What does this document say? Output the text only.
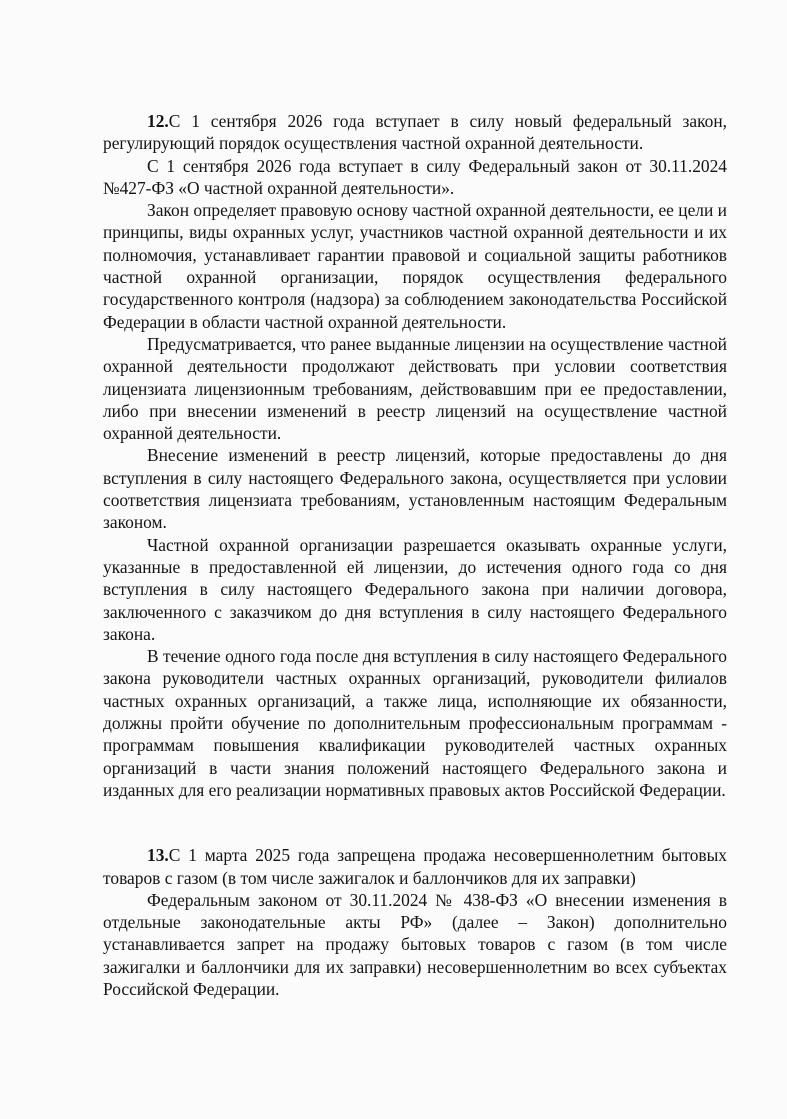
12.С 1 сентября 2026 года вступает в силу новый федеральный закон, регулирующий порядок осуществления частной охранной деятельности.

С 1 сентября 2026 года вступает в силу Федеральный закон от 30.11.2024 №427-ФЗ «О частной охранной деятельности».

Закон определяет правовую основу частной охранной деятельности, ее цели и принципы, виды охранных услуг, участников частной охранной деятельности и их полномочия, устанавливает гарантии правовой и социальной защиты работников частной охранной организации, порядок осуществления федерального государственного контроля (надзора) за соблюдением законодательства Российской Федерации в области частной охранной деятельности.

Предусматривается, что ранее выданные лицензии на осуществление частной охранной деятельности продолжают действовать при условии соответствия лицензиата лицензионным требованиям, действовавшим при ее предоставлении, либо при внесении изменений в реестр лицензий на осуществление частной охранной деятельности.

Внесение изменений в реестр лицензий, которые предоставлены до дня вступления в силу настоящего Федерального закона, осуществляется при условии соответствия лицензиата требованиям, установленным настоящим Федеральным законом.

Частной охранной организации разрешается оказывать охранные услуги, указанные в предоставленной ей лицензии, до истечения одного года со дня вступления в силу настоящего Федерального закона при наличии договора, заключенного с заказчиком до дня вступления в силу настоящего Федерального закона.

В течение одного года после дня вступления в силу настоящего Федерального закона руководители частных охранных организаций, руководители филиалов частных охранных организаций, а также лица, исполняющие их обязанности, должны пройти обучение по дополнительным профессиональным программам - программам повышения квалификации руководителей частных охранных организаций в части знания положений настоящего Федерального закона и изданных для его реализации нормативных правовых актов Российской Федерации.

13.С 1 марта 2025 года запрещена продажа несовершеннолетним бытовых товаров с газом (в том числе зажигалок и баллончиков для их заправки)

Федеральным законом от 30.11.2024 № 438-ФЗ «О внесении изменения в отдельные законодательные акты РФ» (далее – Закон) дополнительно устанавливается запрет на продажу бытовых товаров с газом (в том числе зажигалки и баллончики для их заправки) несовершеннолетним во всех субъектах Российской Федерации.
